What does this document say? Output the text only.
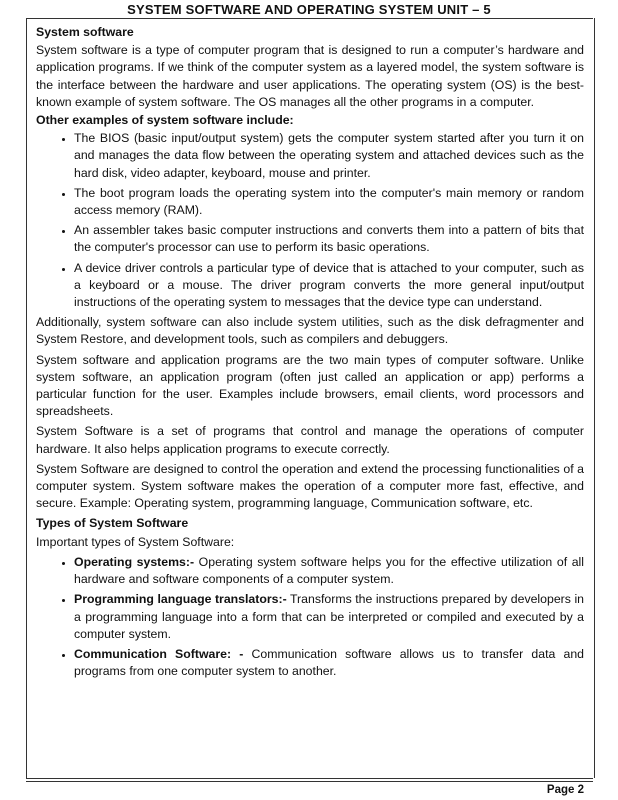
SYSTEM SOFTWARE AND OPERATING SYSTEM UNIT – 5

System software

System software is a type of computer program that is designed to run a computer’s hardware and application programs. If we think of the computer system as a layered model, the system software is the interface between the hardware and user applications. The operating system (OS) is the best-known example of system software. The OS manages all the other programs in a computer.

Other examples of system software include:

• The BIOS (basic input/output system) gets the computer system started after you turn it on and manages the data flow between the operating system and attached devices such as the hard disk, video adapter, keyboard, mouse and printer.
• The boot program loads the operating system into the computer's main memory or random access memory (RAM).
• An assembler takes basic computer instructions and converts them into a pattern of bits that the computer's processor can use to perform its basic operations.
• A device driver controls a particular type of device that is attached to your computer, such as a keyboard or a mouse. The driver program converts the more general input/output instructions of the operating system to messages that the device type can understand.

Additionally, system software can also include system utilities, such as the disk defragmenter and System Restore, and development tools, such as compilers and debuggers.

System software and application programs are the two main types of computer software. Unlike system software, an application program (often just called an application or app) performs a particular function for the user. Examples include browsers, email clients, word processors and spreadsheets.

System Software is a set of programs that control and manage the operations of computer hardware. It also helps application programs to execute correctly.

System Software are designed to control the operation and extend the processing functionalities of a computer system. System software makes the operation of a computer more fast, effective, and secure. Example: Operating system, programming language, Communication software, etc.

Types of System Software

Important types of System Software:

• Operating systems:- Operating system software helps you for the effective utilization of all hardware and software components of a computer system.
• Programming language translators:- Transforms the instructions prepared by developers in a programming language into a form that can be interpreted or compiled and executed by a computer system.
• Communication Software: - Communication software allows us to transfer data and programs from one computer system to another.
Page 2
